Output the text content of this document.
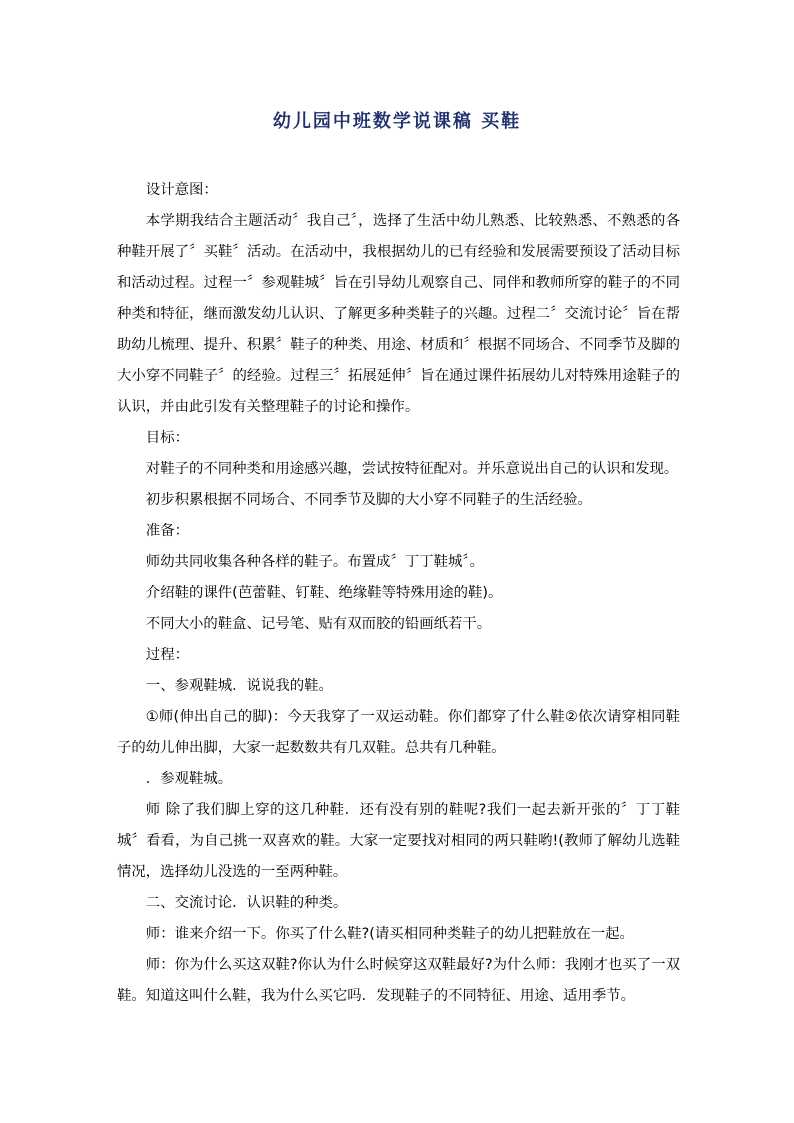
幼儿园中班数学说课稿 买鞋

设计意图：

本学期我结合主题活动〞我自己〞，选择了生活中幼儿熟悉、比较熟悉、不熟悉的各种鞋开展了〞买鞋〞活动。在活动中，我根据幼儿的已有经验和发展需要预设了活动目标和活动过程。过程一〞参观鞋城〞旨在引导幼儿观察自己、同伴和教师所穿的鞋子的不同种类和特征，继而激发幼儿认识、了解更多种类鞋子的兴趣。过程二〞交流讨论〞旨在帮助幼儿梳理、提升、积累〞鞋子的种类、用途、材质和〞根据不同场合、不同季节及脚的大小穿不同鞋子〞的经验。过程三〞拓展延伸〞旨在通过课件拓展幼儿对特殊用途鞋子的认识，并由此引发有关整理鞋子的讨论和操作。

目标：

对鞋子的不同种类和用途感兴趣，尝试按特征配对。并乐意说出自己的认识和发现。

初步积累根据不同场合、不同季节及脚的大小穿不同鞋子的生活经验。

准备：

师幼共同收集各种各样的鞋子。布置成〞丁丁鞋城〞。

介绍鞋的课件(芭蕾鞋、钉鞋、绝缘鞋等特殊用途的鞋)。

不同大小的鞋盒、记号笔、贴有双而胶的铅画纸若干。

过程：

一、参观鞋城．说说我的鞋。

①师(伸出自己的脚)：今天我穿了一双运动鞋。你们都穿了什么鞋②依次请穿相同鞋子的幼儿伸出脚，大家一起数数共有几双鞋。总共有几种鞋。

．参观鞋城。

师 除了我们脚上穿的这几种鞋．还有没有别的鞋呢?我们一起去新开张的〞丁丁鞋城〞看看，为自己挑一双喜欢的鞋。大家一定要找对相同的两只鞋哟!(教师了解幼儿选鞋情况，选择幼儿没选的一至两种鞋。

二、交流讨论．认识鞋的种类。

师：谁来介绍一下。你买了什么鞋?(请买相同种类鞋子的幼儿把鞋放在一起。

师：你为什么买这双鞋?你认为什么时候穿这双鞋最好?为什么师：我刚才也买了一双鞋。知道这叫什么鞋，我为什么买它吗．发现鞋子的不同特征、用途、适用季节。
